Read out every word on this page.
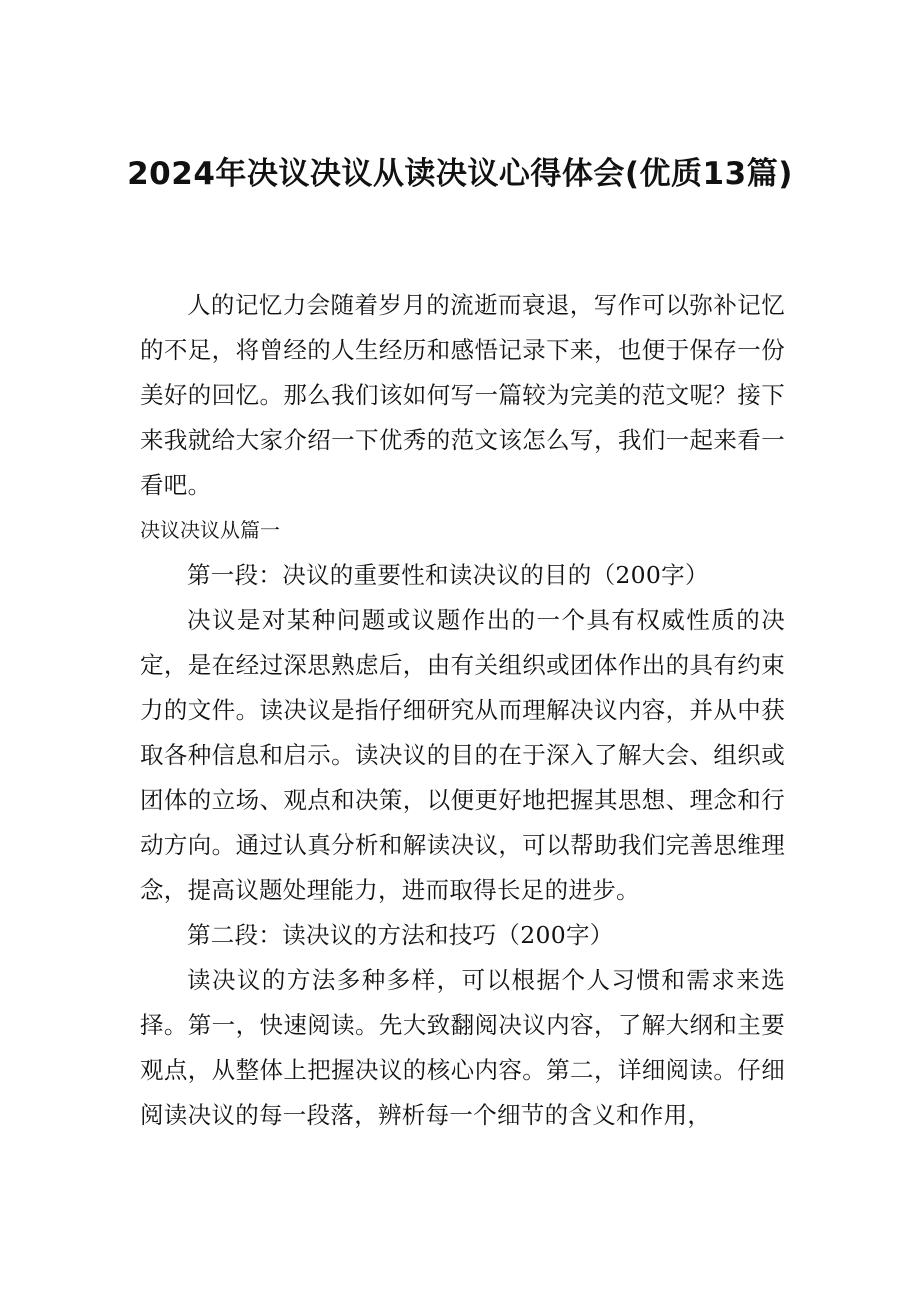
2024年决议决议从读决议心得体会(优质13篇)

人的记忆力会随着岁月的流逝而衰退，写作可以弥补记忆的不足，将曾经的人生经历和感悟记录下来，也便于保存一份美好的回忆。那么我们该如何写一篇较为完美的范文呢？接下来我就给大家介绍一下优秀的范文该怎么写，我们一起来看一看吧。

决议决议从篇一

第一段：决议的重要性和读决议的目的（200字）

决议是对某种问题或议题作出的一个具有权威性质的决定，是在经过深思熟虑后，由有关组织或团体作出的具有约束力的文件。读决议是指仔细研究从而理解决议内容，并从中获取各种信息和启示。读决议的目的在于深入了解大会、组织或团体的立场、观点和决策，以便更好地把握其思想、理念和行动方向。通过认真分析和解读决议，可以帮助我们完善思维理念，提高议题处理能力，进而取得长足的进步。

第二段：读决议的方法和技巧（200字）

读决议的方法多种多样，可以根据个人习惯和需求来选择。第一，快速阅读。先大致翻阅决议内容，了解大纲和主要观点，从整体上把握决议的核心内容。第二，详细阅读。仔细阅读决议的每一段落，辨析每一个细节的含义和作用，
